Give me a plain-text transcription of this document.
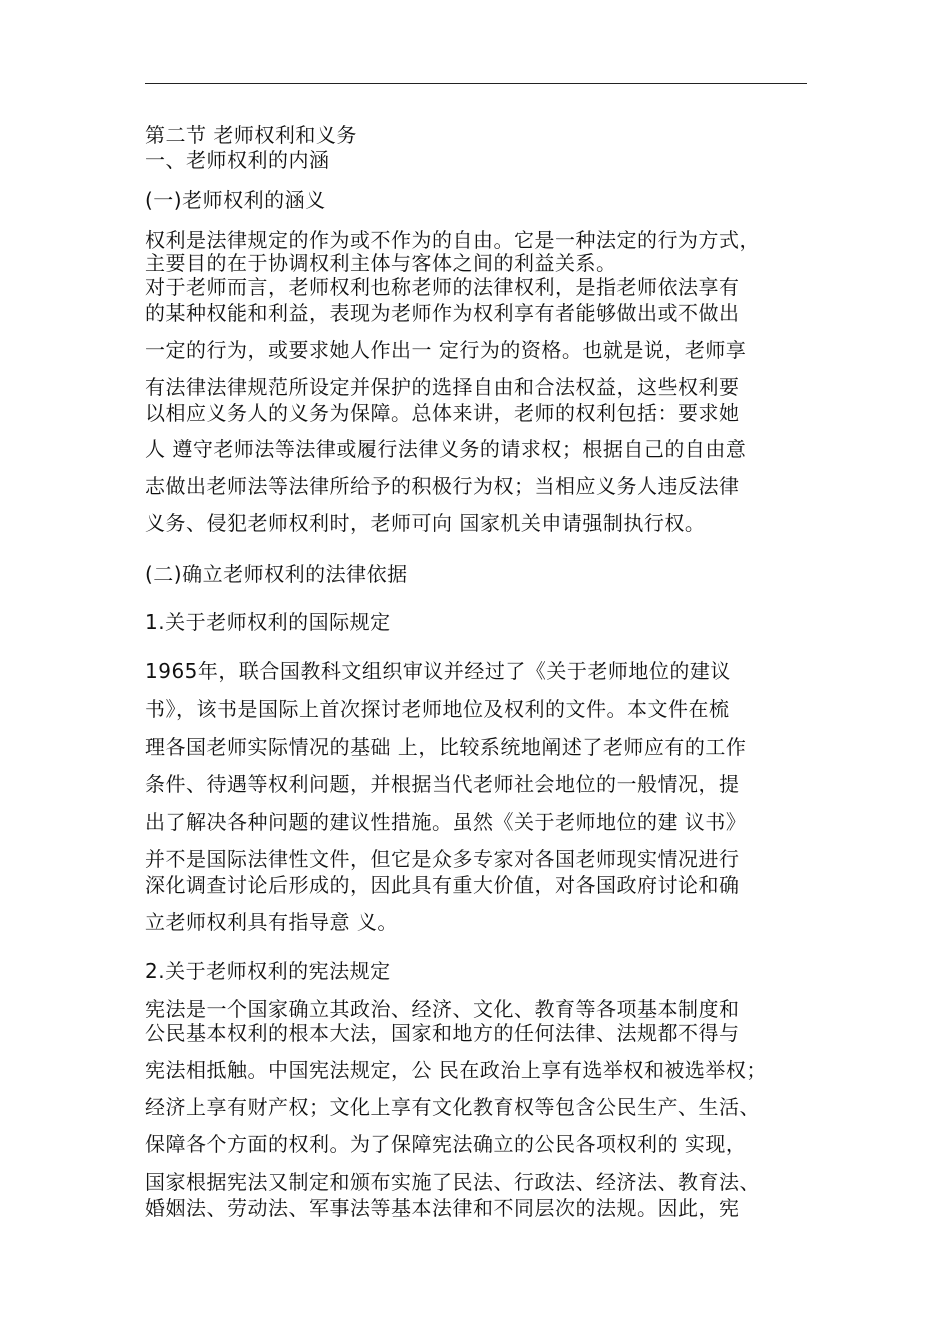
第二节 老师权利和义务

一、老师权利的内涵

(一)老师权利的涵义

权利是法律规定的作为或不作为的自由。它是一种法定的行为方式，

主要目的在于协调权利主体与客体之间的利益关系。

对于老师而言，老师权利也称老师的法律权利，是指老师依法享有

的某种权能和利益，表现为老师作为权利享有者能够做出或不做出

一定的行为，或要求她人作出一 定行为的资格。也就是说，老师享

有法律法律规范所设定并保护的选择自由和合法权益，这些权利要

以相应义务人的义务为保障。总体来讲，老师的权利包括：要求她

人 遵守老师法等法律或履行法律义务的请求权；根据自己的自由意

志做出老师法等法律所给予的积极行为权；当相应义务人违反法律

义务、侵犯老师权利时，老师可向 国家机关申请强制执行权。

(二)确立老师权利的法律依据

1.关于老师权利的国际规定

1965年，联合国教科文组织审议并经过了《关于老师地位的建议

书》，该书是国际上首次探讨老师地位及权利的文件。本文件在梳

理各国老师实际情况的基础 上，比较系统地阐述了老师应有的工作

条件、待遇等权利问题，并根据当代老师社会地位的一般情况，提

出了解决各种问题的建议性措施。虽然《关于老师地位的建 议书》

并不是国际法律性文件，但它是众多专家对各国老师现实情况进行

深化调查讨论后形成的，因此具有重大价值，对各国政府讨论和确

立老师权利具有指导意 义。

2.关于老师权利的宪法规定

宪法是一个国家确立其政治、经济、文化、教育等各项基本制度和

公民基本权利的根本大法，国家和地方的任何法律、法规都不得与

宪法相抵触。中国宪法规定，公 民在政治上享有选举权和被选举权；

经济上享有财产权；文化上享有文化教育权等包含公民生产、生活、

保障各个方面的权利。为了保障宪法确立的公民各项权利的 实现，

国家根据宪法又制定和颁布实施了民法、行政法、经济法、教育法、

婚姻法、劳动法、军事法等基本法律和不同层次的法规。因此，宪
